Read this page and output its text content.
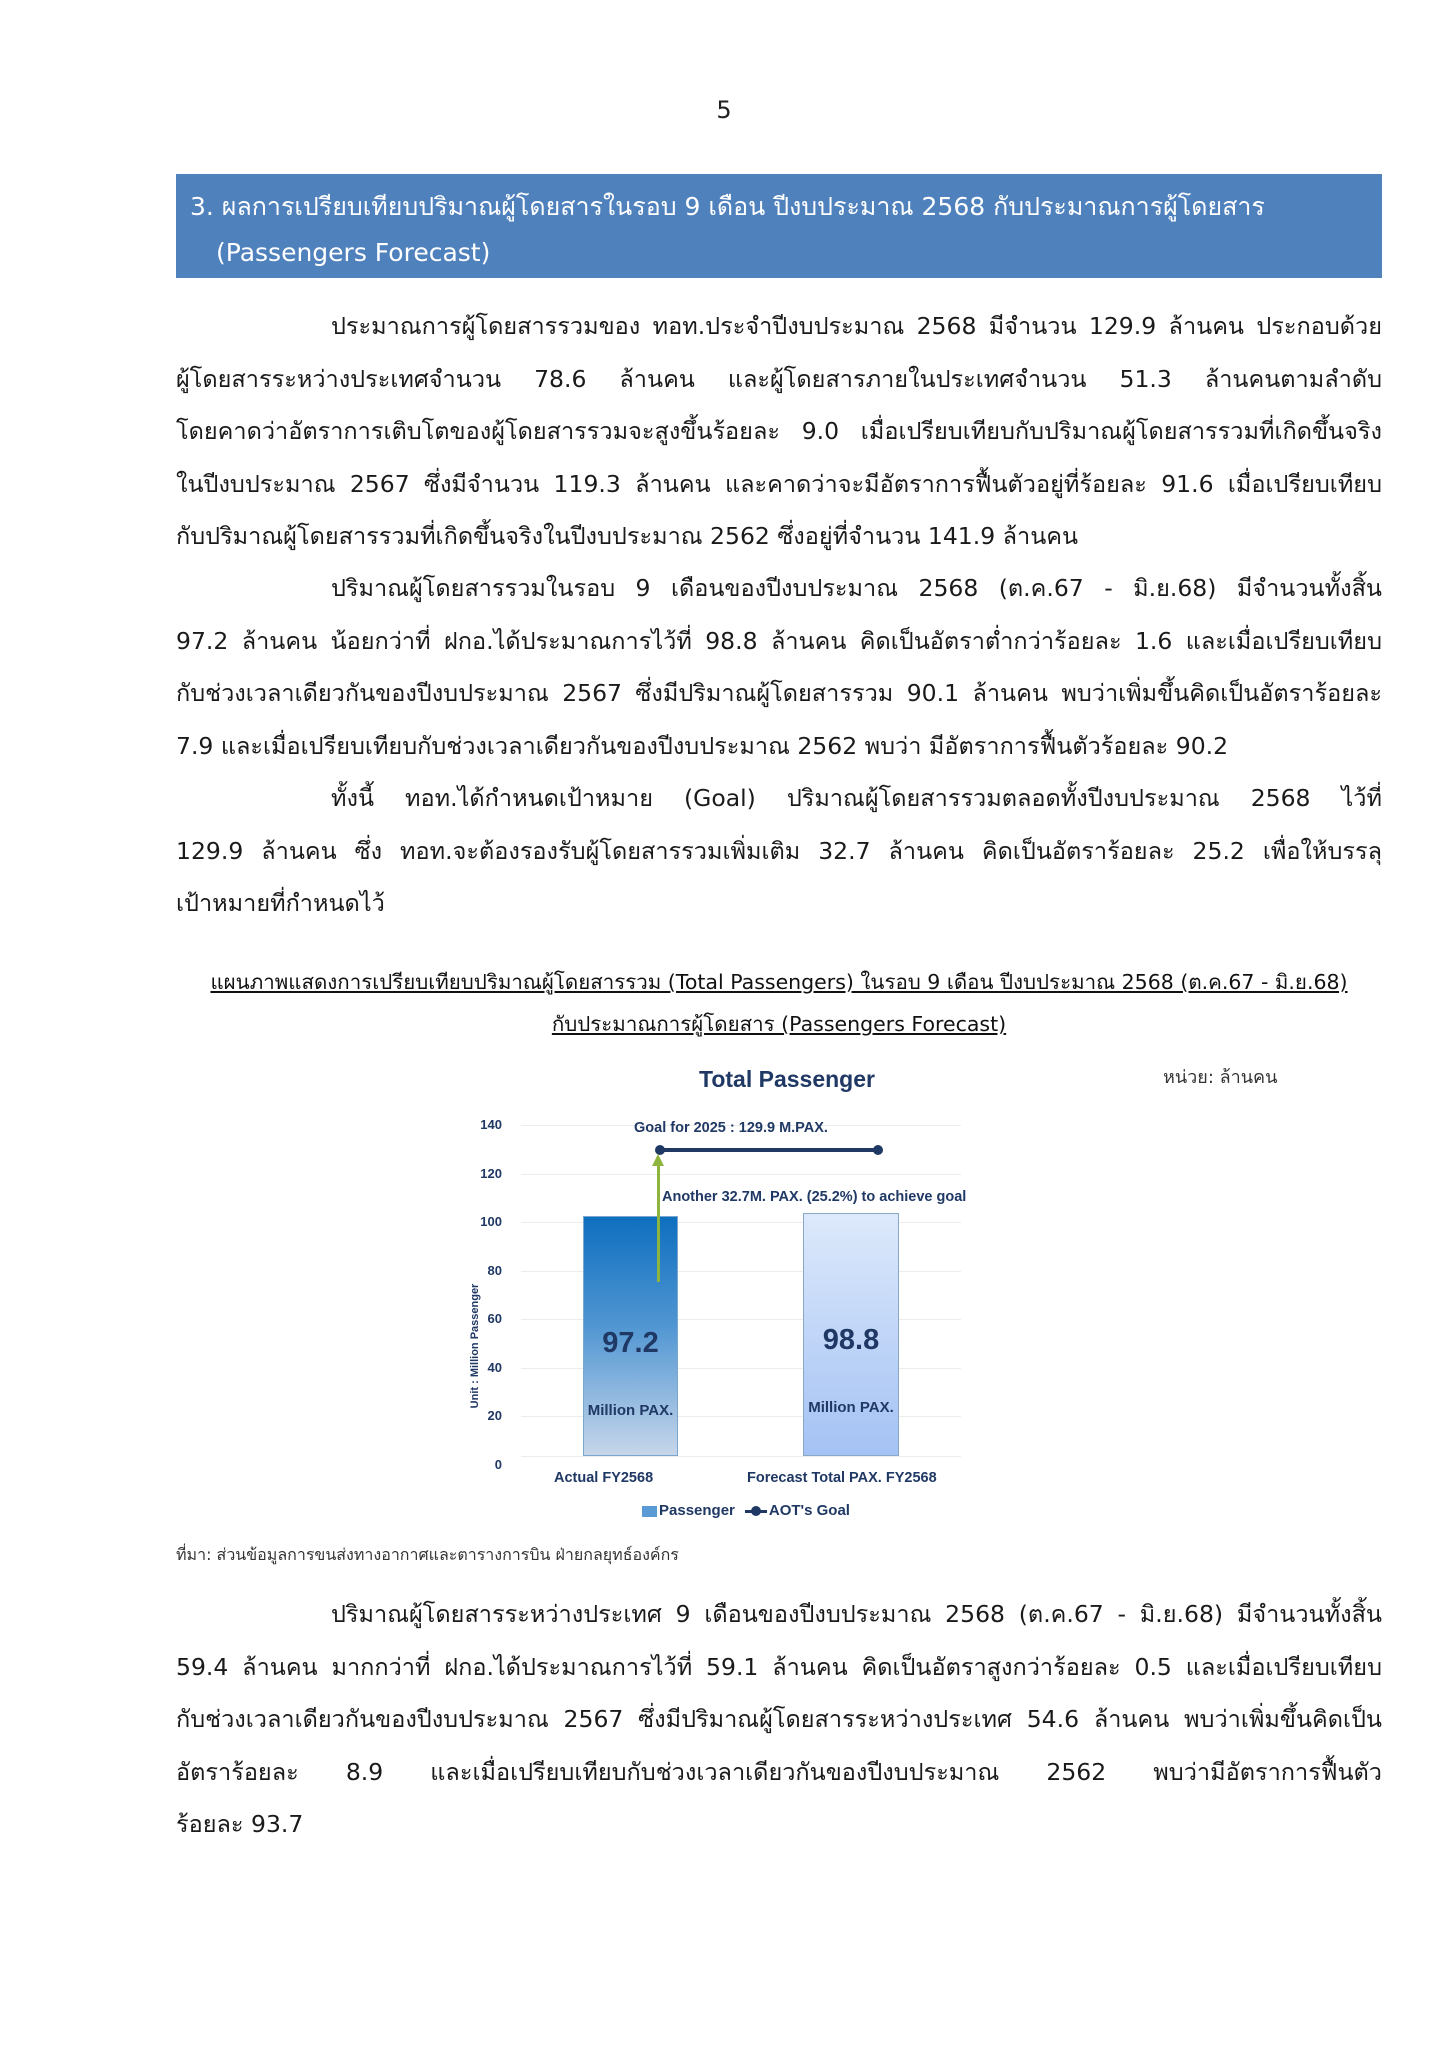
5
3. ผลการเปรียบเทียบปริมาณผู้โดยสารในรอบ 9 เดือน ปีงบประมาณ 2568 กับประมาณการผู้โดยสาร
(Passengers Forecast)
ประมาณการผู้โดยสารรวมของ ทอท.ประจำปีงบประมาณ 2568 มีจำนวน 129.9 ล้านคน ประกอบด้วย
ผู้โดยสารระหว่างประเทศจำนวน 78.6 ล้านคน และผู้โดยสารภายในประเทศจำนวน 51.3 ล้านคนตามลำดับ
โดยคาดว่าอัตราการเติบโตของผู้โดยสารรวมจะสูงขึ้นร้อยละ 9.0 เมื่อเปรียบเทียบกับปริมาณผู้โดยสารรวมที่เกิดขึ้นจริง
ในปีงบประมาณ 2567 ซึ่งมีจำนวน 119.3 ล้านคน และคาดว่าจะมีอัตราการฟื้นตัวอยู่ที่ร้อยละ 91.6 เมื่อเปรียบเทียบ
กับปริมาณผู้โดยสารรวมที่เกิดขึ้นจริงในปีงบประมาณ 2562 ซึ่งอยู่ที่จำนวน 141.9 ล้านคน
ปริมาณผู้โดยสารรวมในรอบ 9 เดือนของปีงบประมาณ 2568 (ต.ค.67 - มิ.ย.68) มีจำนวนทั้งสิ้น
97.2 ล้านคน น้อยกว่าที่ ฝกอ.ได้ประมาณการไว้ที่ 98.8 ล้านคน คิดเป็นอัตราต่ำกว่าร้อยละ 1.6 และเมื่อเปรียบเทียบ
กับช่วงเวลาเดียวกันของปีงบประมาณ 2567 ซึ่งมีปริมาณผู้โดยสารรวม 90.1 ล้านคน พบว่าเพิ่มขึ้นคิดเป็นอัตราร้อยละ
7.9 และเมื่อเปรียบเทียบกับช่วงเวลาเดียวกันของปีงบประมาณ 2562 พบว่า มีอัตราการฟื้นตัวร้อยละ 90.2
ทั้งนี้ ทอท.ได้กำหนดเป้าหมาย (Goal) ปริมาณผู้โดยสารรวมตลอดทั้งปีงบประมาณ 2568 ไว้ที่
129.9 ล้านคน ซึ่ง ทอท.จะต้องรองรับผู้โดยสารรวมเพิ่มเติม 32.7 ล้านคน คิดเป็นอัตราร้อยละ 25.2 เพื่อให้บรรลุ
เป้าหมายที่กำหนดไว้
แผนภาพแสดงการเปรียบเทียบปริมาณผู้โดยสารรวม (Total Passengers) ในรอบ 9 เดือน ปีงบประมาณ 2568 (ต.ค.67 - มิ.ย.68)
กับประมาณการผู้โดยสาร (Passengers Forecast)
หน่วย: ล้านคน
Total Passenger
Unit : Million Passenger
140
120
100
80
60
40
20
0
97.2
Million PAX.
98.8
Million PAX.
Goal for 2025 : 129.9 M.PAX.
Another 32.7M. PAX. (25.2%) to achieve goal
Actual FY2568	Forecast Total PAX. FY2568
Passenger AOT's Goal
ที่มา: ส่วนข้อมูลการขนส่งทางอากาศและตารางการบิน ฝ่ายกลยุทธ์องค์กร
ปริมาณผู้โดยสารระหว่างประเทศ 9 เดือนของปีงบประมาณ 2568 (ต.ค.67 - มิ.ย.68) มีจำนวนทั้งสิ้น
59.4 ล้านคน มากกว่าที่ ฝกอ.ได้ประมาณการไว้ที่ 59.1 ล้านคน คิดเป็นอัตราสูงกว่าร้อยละ 0.5 และเมื่อเปรียบเทียบ
กับช่วงเวลาเดียวกันของปีงบประมาณ 2567 ซึ่งมีปริมาณผู้โดยสารระหว่างประเทศ 54.6 ล้านคน พบว่าเพิ่มขึ้นคิดเป็น
อัตราร้อยละ 8.9 และเมื่อเปรียบเทียบกับช่วงเวลาเดียวกันของปีงบประมาณ 2562 พบว่ามีอัตราการฟื้นตัว
ร้อยละ 93.7
